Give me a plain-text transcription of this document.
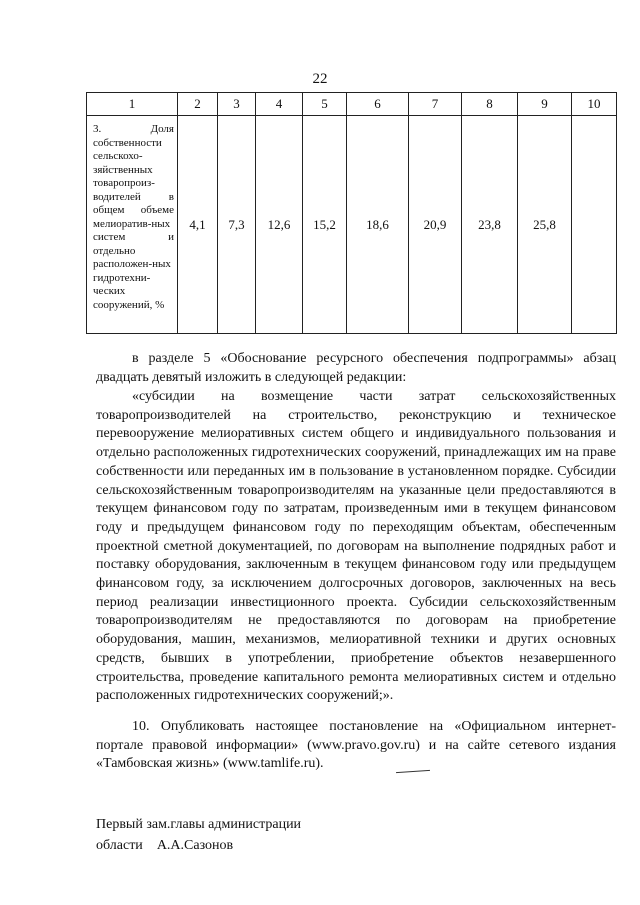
22
1	2	3	4	5	6	7	8	9	10
3. Доля собственности сельскохо-зяйственных товаропроиз-водителей в общем объеме мелиоратив-ных систем и отдельно расположен-ных гидротехни-ческих сооружений, %	4,1	7,3	12,6	15,2	18,6	20,9	23,8	25,8	

в разделе 5 «Обоснование ресурсного обеспечения подпрограммы» абзац двадцать девятый изложить в следующей редакции:

«субсидии на возмещение части затрат сельскохозяйственных товаропроизводителей на строительство, реконструкцию и техническое перевооружение мелиоративных систем общего и индивидуального пользования и отдельно расположенных гидротехнических сооружений, принадлежащих им на праве собственности или переданных им в пользование в установленном порядке. Субсидии сельскохозяйственным товаропроизводителям на указанные цели предоставляются в текущем финансовом году по затратам, произведенным ими в текущем финансовом году и предыдущем финансовом году по переходящим объектам, обеспеченным проектной сметной документацией, по договорам на выполнение подрядных работ и поставку оборудования, заключенным в текущем финансовом году или предыдущем финансовом году, за исключением долгосрочных договоров, заключенных на весь период реализации инвестиционного проекта. Субсидии сельскохозяйственным товаропроизводителям не предоставляются по договорам на приобретение оборудования, машин, механизмов, мелиоративной техники и других основных средств, бывших в употреблении, приобретение объектов незавершенного строительства, проведение капитального ремонта мелиоративных систем и отдельно расположенных гидротехнических сооружений;».

10. Опубликовать настоящее постановление на «Официальном интернет-портале правовой информации» (www.pravo.gov.ru) и на сайте сетевого издания «Тамбовская жизнь» (www.tamlife.ru).

Первый зам.главы администрации
области А.А.Сазонов
